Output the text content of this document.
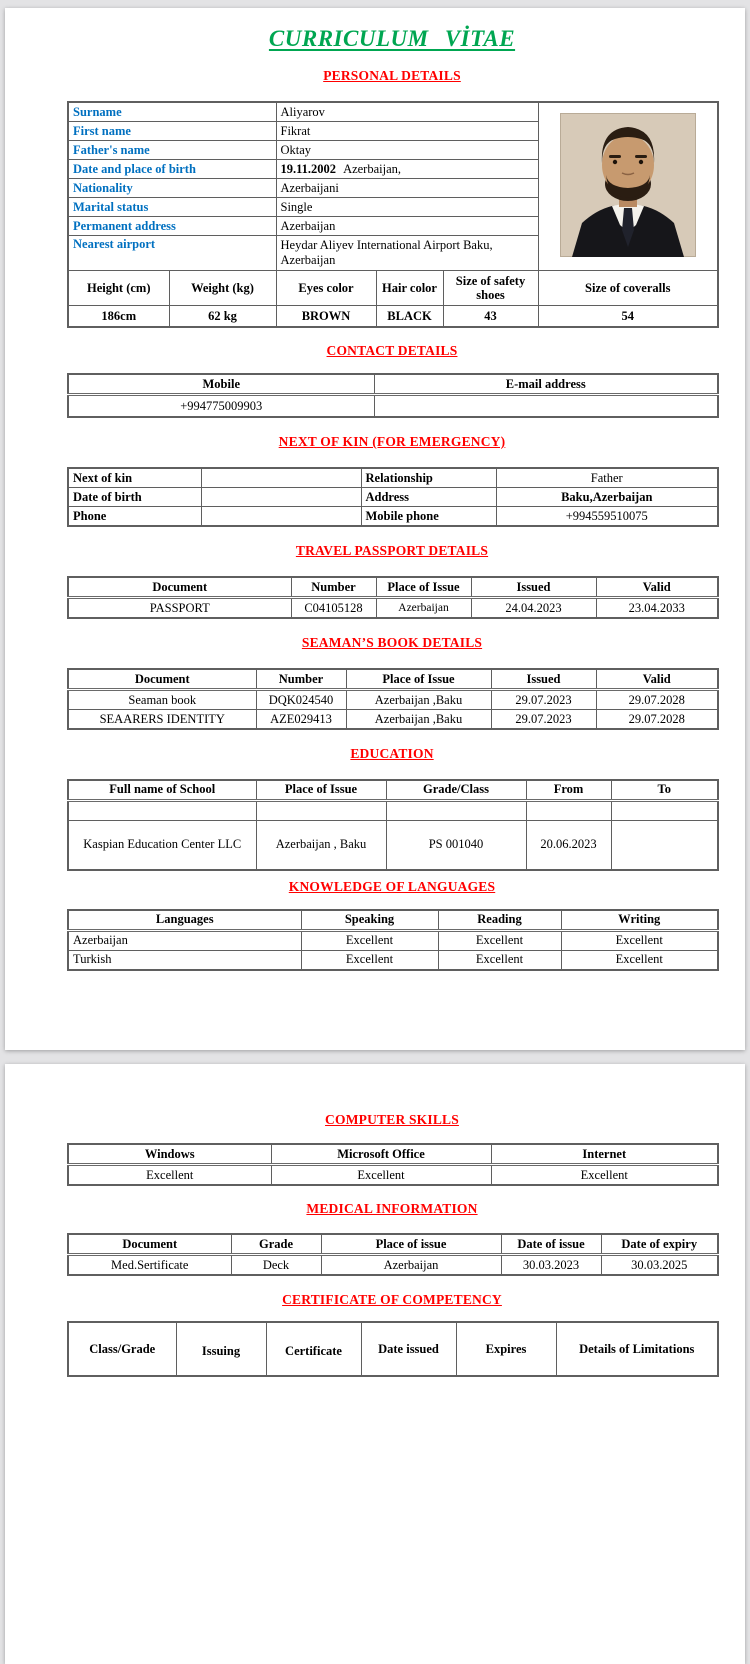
CURRICULUM VİTAE
PERSONAL DETAILS
Surname		Aliyarov	
First name		Fikrat			
Father's name		Oktay			
Date and place of birth		19.11.2002 Azerbaijan,			
Nationality		Azerbaijani			
Marital status		Single			
Permanent address		Azerbaijan			
Nearest airport		Heydar Aliyev International Airport Baku, Azerbaijan			
Height (cm)	Weight (kg)	Eyes color	Hair color	Size of safety shoes	Size of coveralls
186cm	62 kg	BROWN	BLACK	43	54
CONTACT DETAILS
Mobile	E-mail address
+994775009903	
NEXT OF KIN (FOR EMERGENCY)
Next of kin		Relationship	Father
Date of birth		Address	Baku,Azerbaijan
Phone		Mobile phone	+994559510075
TRAVEL PASSPORT DETAILS
Document	Number	Place of Issue	Issued	Valid
PASSPORT	C04105128	Azerbaijan	24.04.2023	23.04.2033
SEAMAN’S BOOK DETAILS
Document	Number	Place of Issue	Issued	Valid
Seaman book	DQK024540	Azerbaijan ,Baku	29.07.2023	29.07.2028
SEAARERS IDENTITY	AZE029413	Azerbaijan ,Baku	29.07.2023	29.07.2028
EDUCATION
Full name of School	Place of Issue	Grade/Class	From	To

Kaspian Education Center LLC	Azerbaijan , Baku	PS 001040	20.06.2023	
KNOWLEDGE OF LANGUAGES
Languages	Speaking	Reading	Writing
Azerbaijan	Excellent	Excellent	Excellent
Turkish	Excellent	Excellent	Excellent
COMPUTER SKILLS
Windows	Microsoft Office	Internet
Excellent	Excellent	Excellent
MEDICAL INFORMATION
Document	Grade	Place of issue	Date of issue	Date of expiry
Med.Sertificate	Deck	Azerbaijan	30.03.2023	30.03.2025
CERTIFICATE OF COMPETENCY
Class/Grade	Issuing	Certificate	Date issued	Expires	Details of Limitations
